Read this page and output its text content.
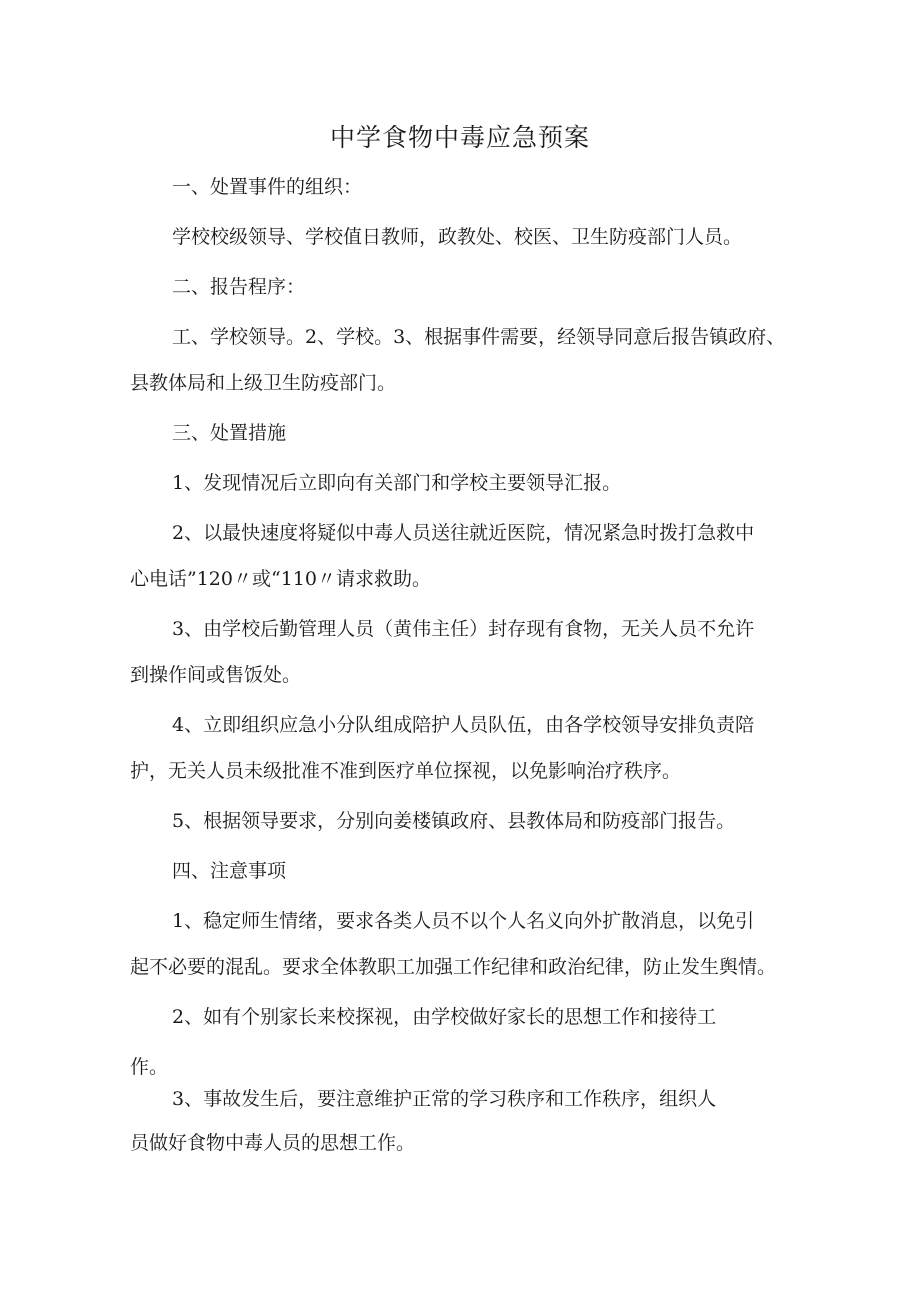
中学食物中毒应急预案

一、处置事件的组织：

学校校级领导、学校值日教师，政教处、校医、卫生防疫部门人员。

二、报告程序：

工、学校领导。2、学校。3、根据事件需要，经领导同意后报告镇政府、

县教体局和上级卫生防疫部门。

三、处置措施

1、发现情况后立即向有关部门和学校主要领导汇报。

2、以最快速度将疑似中毒人员送往就近医院，情况紧急时拨打急救中

心电话”120〃或“110〃请求救助。

3、由学校后勤管理人员（黄伟主任）封存现有食物，无关人员不允许

到操作间或售饭处。

4、立即组织应急小分队组成陪护人员队伍，由各学校领导安排负责陪

护，无关人员未级批准不准到医疗单位探视，以免影响治疗秩序。

5、根据领导要求，分别向姜楼镇政府、县教体局和防疫部门报告。

四、注意事项

1、稳定师生情绪，要求各类人员不以个人名义向外扩散消息，以免引

起不必要的混乱。要求全体教职工加强工作纪律和政治纪律，防止发生舆情。

2、如有个别家长来校探视，由学校做好家长的思想工作和接待工

作。

3、事故发生后，要注意维护正常的学习秩序和工作秩序，组织人

员做好食物中毒人员的思想工作。
